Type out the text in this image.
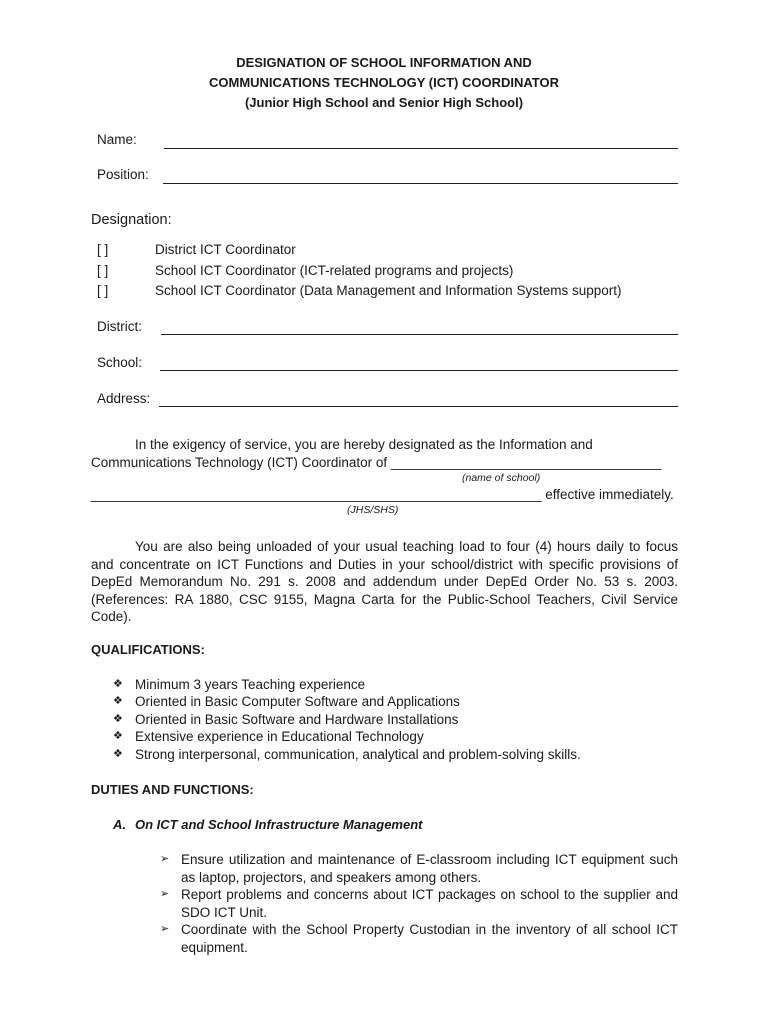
DESIGNATION OF SCHOOL INFORMATION AND
COMMUNICATIONS TECHNOLOGY (ICT) COORDINATOR
(Junior High School and Senior High School)
Name:
Position:
Designation:
[ ]	District ICT Coordinator
[ ]	School ICT Coordinator (ICT-related programs and projects)
[ ]	School ICT Coordinator (Data Management and Information Systems support)
District:
School:
Address:
In the exigency of service, you are hereby designated as the Information and
Communications Technology (ICT) Coordinator of ____________________________________
(name of school)
____________________________________________________________ effective immediately.
(JHS/SHS)
You are also being unloaded of your usual teaching load to four (4) hours daily to focus and concentrate on ICT Functions and Duties in your school/district with specific provisions of DepEd Memorandum No. 291 s. 2008 and addendum under DepEd Order No. 53 s. 2003. (References: RA 1880, CSC 9155, Magna Carta for the Public-School Teachers, Civil Service Code).
QUALIFICATIONS:
❖ Minimum 3 years Teaching experience
❖ Oriented in Basic Computer Software and Applications
❖ Oriented in Basic Software and Hardware Installations
❖ Extensive experience in Educational Technology
❖ Strong interpersonal, communication, analytical and problem-solving skills.
DUTIES AND FUNCTIONS:
A. On ICT and School Infrastructure Management
➢ Ensure utilization and maintenance of E-classroom including ICT equipment such as laptop, projectors, and speakers among others.
➢ Report problems and concerns about ICT packages on school to the supplier and SDO ICT Unit.
➢ Coordinate with the School Property Custodian in the inventory of all school ICT equipment.
